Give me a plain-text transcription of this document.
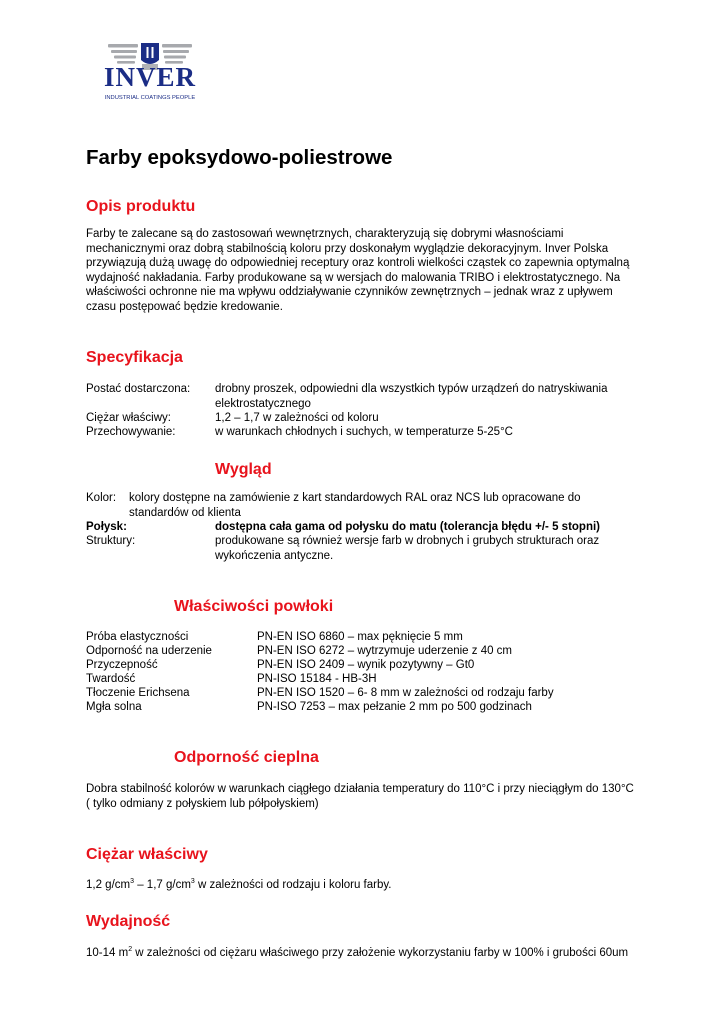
INVER
INDUSTRIAL COATINGS PEOPLE
Farby epoksydowo-poliestrowe
Opis produktu
Farby te zalecane są do zastosowań wewnętrznych, charakteryzują się dobrymi własnościami mechanicznymi oraz dobrą stabilnością koloru przy doskonałym wyglądzie dekoracyjnym. Inver Polska przywiązują dużą uwagę do odpowiedniej receptury oraz kontroli wielkości cząstek co zapewnia optymalną wydajność nakładania. Farby produkowane są w wersjach do malowania TRIBO i elektrostatycznego. Na właściwości ochronne nie ma wpływu oddziaływanie czynników zewnętrznych – jednak wraz z upływem czasu postępować będzie kredowanie.
Specyfikacja
Postać dostarczona: drobny proszek, odpowiedni dla wszystkich typów urządzeń do natryskiwania elektrostatycznego
Ciężar właściwy:	1,2 – 1,7 w zależności od koloru
Przechowywanie:	w warunkach chłodnych i suchych, w temperaturze 5-25°C
Wygląd
Kolor: kolory dostępne na zamówienie z kart standardowych RAL oraz NCS lub opracowane do standardów od klienta
Połysk:	dostępna cała gama od połysku do matu (tolerancja błędu +/- 5 stopni)
Struktury:	produkowane są również wersje farb w drobnych i grubych strukturach oraz wykończenia antyczne.
Właściwości powłoki
Próba elastyczności	PN-EN ISO 6860 – max pęknięcie 5 mm
Odporność na uderzenie	PN-EN ISO 6272 – wytrzymuje uderzenie z 40 cm
Przyczepność	PN-EN ISO 2409 – wynik pozytywny – Gt0
Twardość	PN-ISO 15184 - HB-3H
Tłoczenie Erichsena	PN-EN ISO 1520 – 6- 8 mm w zależności od rodzaju farby
Mgła solna	PN-ISO 7253 – max pełzanie 2 mm po 500 godzinach
Odporność cieplna
Dobra stabilność kolorów w warunkach ciągłego działania temperatury do 110°C i przy nieciągłym do 130°C ( tylko odmiany z połyskiem lub półpołyskiem)
Ciężar właściwy
1,2 $g/cm^3 - 1,7$ $g/cm^3$ w zależności od rodzaju i koloru farby.
Wydajność
10-14 $m^2$ w zależności od ciężaru właściwego przy założenie wykorzystaniu farby w 100% i grubości 60um
